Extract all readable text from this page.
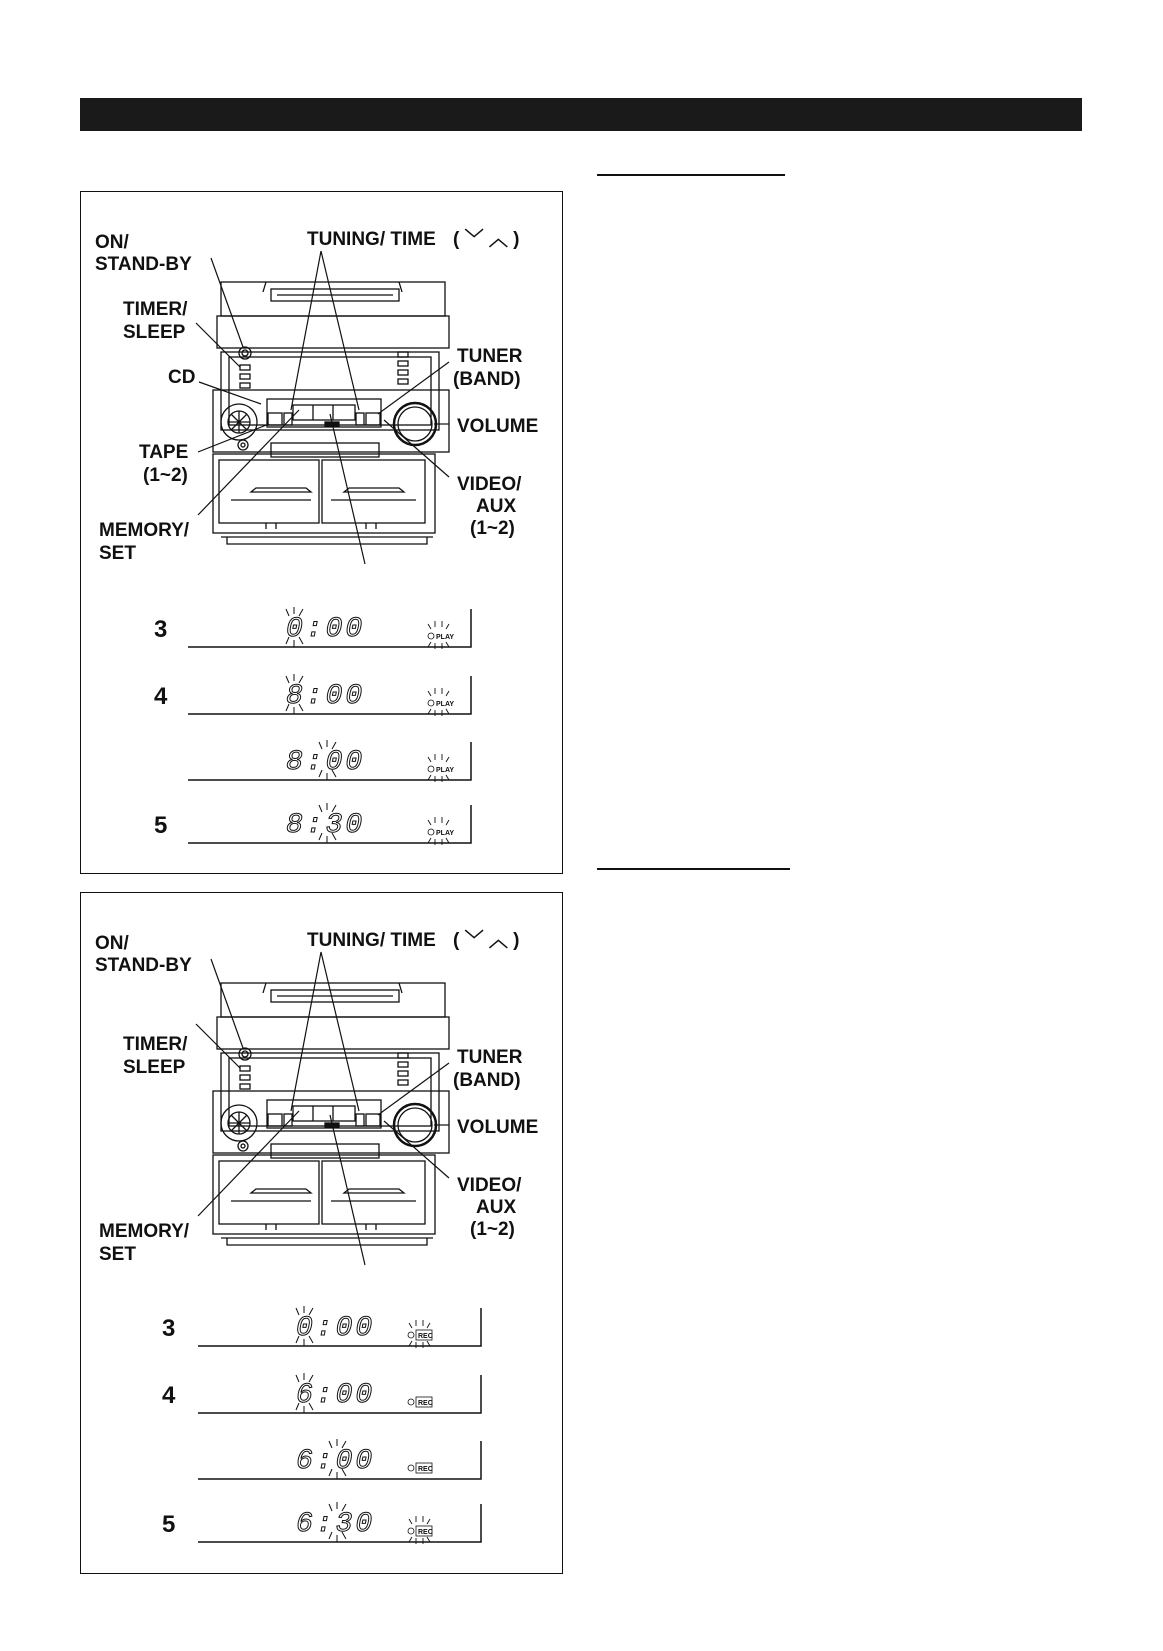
ON/
STAND-BY
TUNING/ TIME ( ﹀ ︿ )
TIMER/
SLEEP
CD
TUNER
(BAND)
VOLUME
TAPE
(1~2)	VIDEO/
AUX
(1~2)
MEMORY/
SET
3	0:00	PLAY
4	8:00	PLAY
8:00	PLAY
5	8:30	PLAY
ON/
STAND-BY
TUNING/ TIME ( ﹀ ︿ )
TIMER/
SLEEP	TUNER
(BAND)
VOLUME
VIDEO/
AUX
(1~2)
MEMORY/
SET
3	0:00	REC
4	6:00	REC
6:00	REC
5	6:30	REC
